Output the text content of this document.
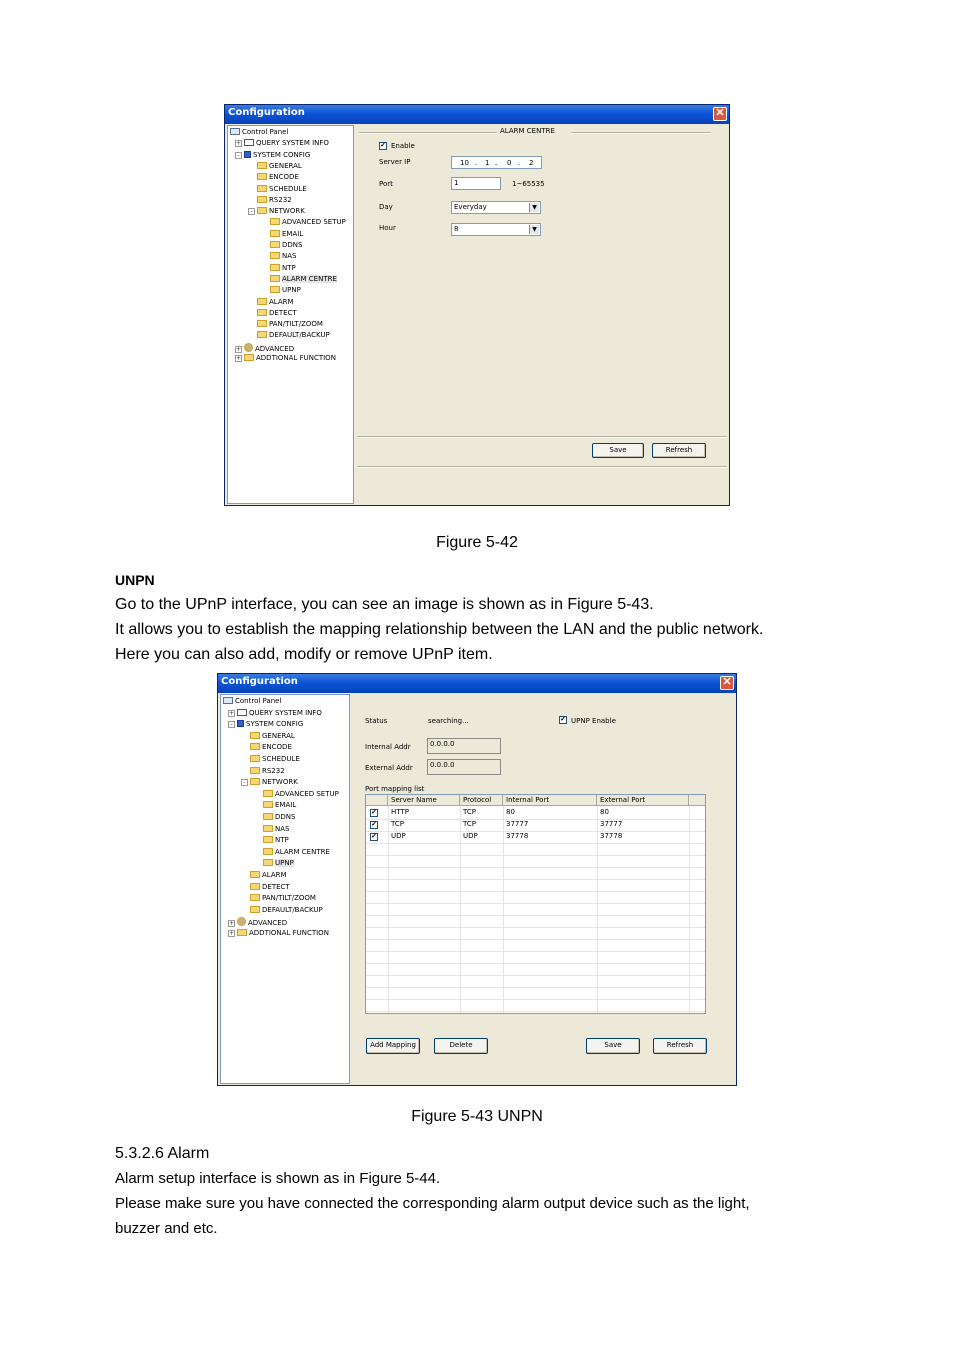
Configuration	✕
Control Panel
+ QUERY SYSTEM INFO
- SYSTEM CONFIG
GENERAL
ENCODE
SCHEDULE
RS232
- NETWORK
ADVANCED SETUP
EMAIL
DDNS
NAS
NTP
ALARM CENTRE
UPNP
ALARM
DETECT
PAN/TILT/ZOOM
DEFAULT/BACKUP
+ ADVANCED
+ ADDTIONAL FUNCTION
ALARM CENTRE
✓ Enable
Server IP	10 . 1 . 0 . 2
Port	1	1~65535
Day	Everyday	▼
Hour	8	▼
Save	Refresh
Figure 5-42
UNPN
Go to the UPnP interface, you can see an image is shown as in Figure 5-43.
It allows you to establish the mapping relationship between the LAN and the public network.
Here you can also add, modify or remove UPnP item.
Configuration	✕
Control Panel
+ QUERY SYSTEM INFO
- SYSTEM CONFIG
GENERAL
ENCODE
SCHEDULE
RS232
- NETWORK
ADVANCED SETUP
EMAIL
DDNS
NAS
NTP
ALARM CENTRE
UPNP
ALARM
DETECT
PAN/TILT/ZOOM
DEFAULT/BACKUP
+ ADVANCED
+ ADDTIONAL FUNCTION
Status	searching...	✓ UPNP Enable
Internal Addr	0.0.0.0
External Addr	0.0.0.0
Port mapping list
Server Name	Protocol	Internal Port	External Port
✓ HTTP	TCP	80	80
✓ TCP	TCP	37777	37777
✓ UDP	UDP	37778	37778
Add Mapping	Delete	Save	Refresh
Figure 5-43 UNPN
5.3.2.6 Alarm
Alarm setup interface is shown as in Figure 5-44.
Please make sure you have connected the corresponding alarm output device such as the light,
buzzer and etc.
